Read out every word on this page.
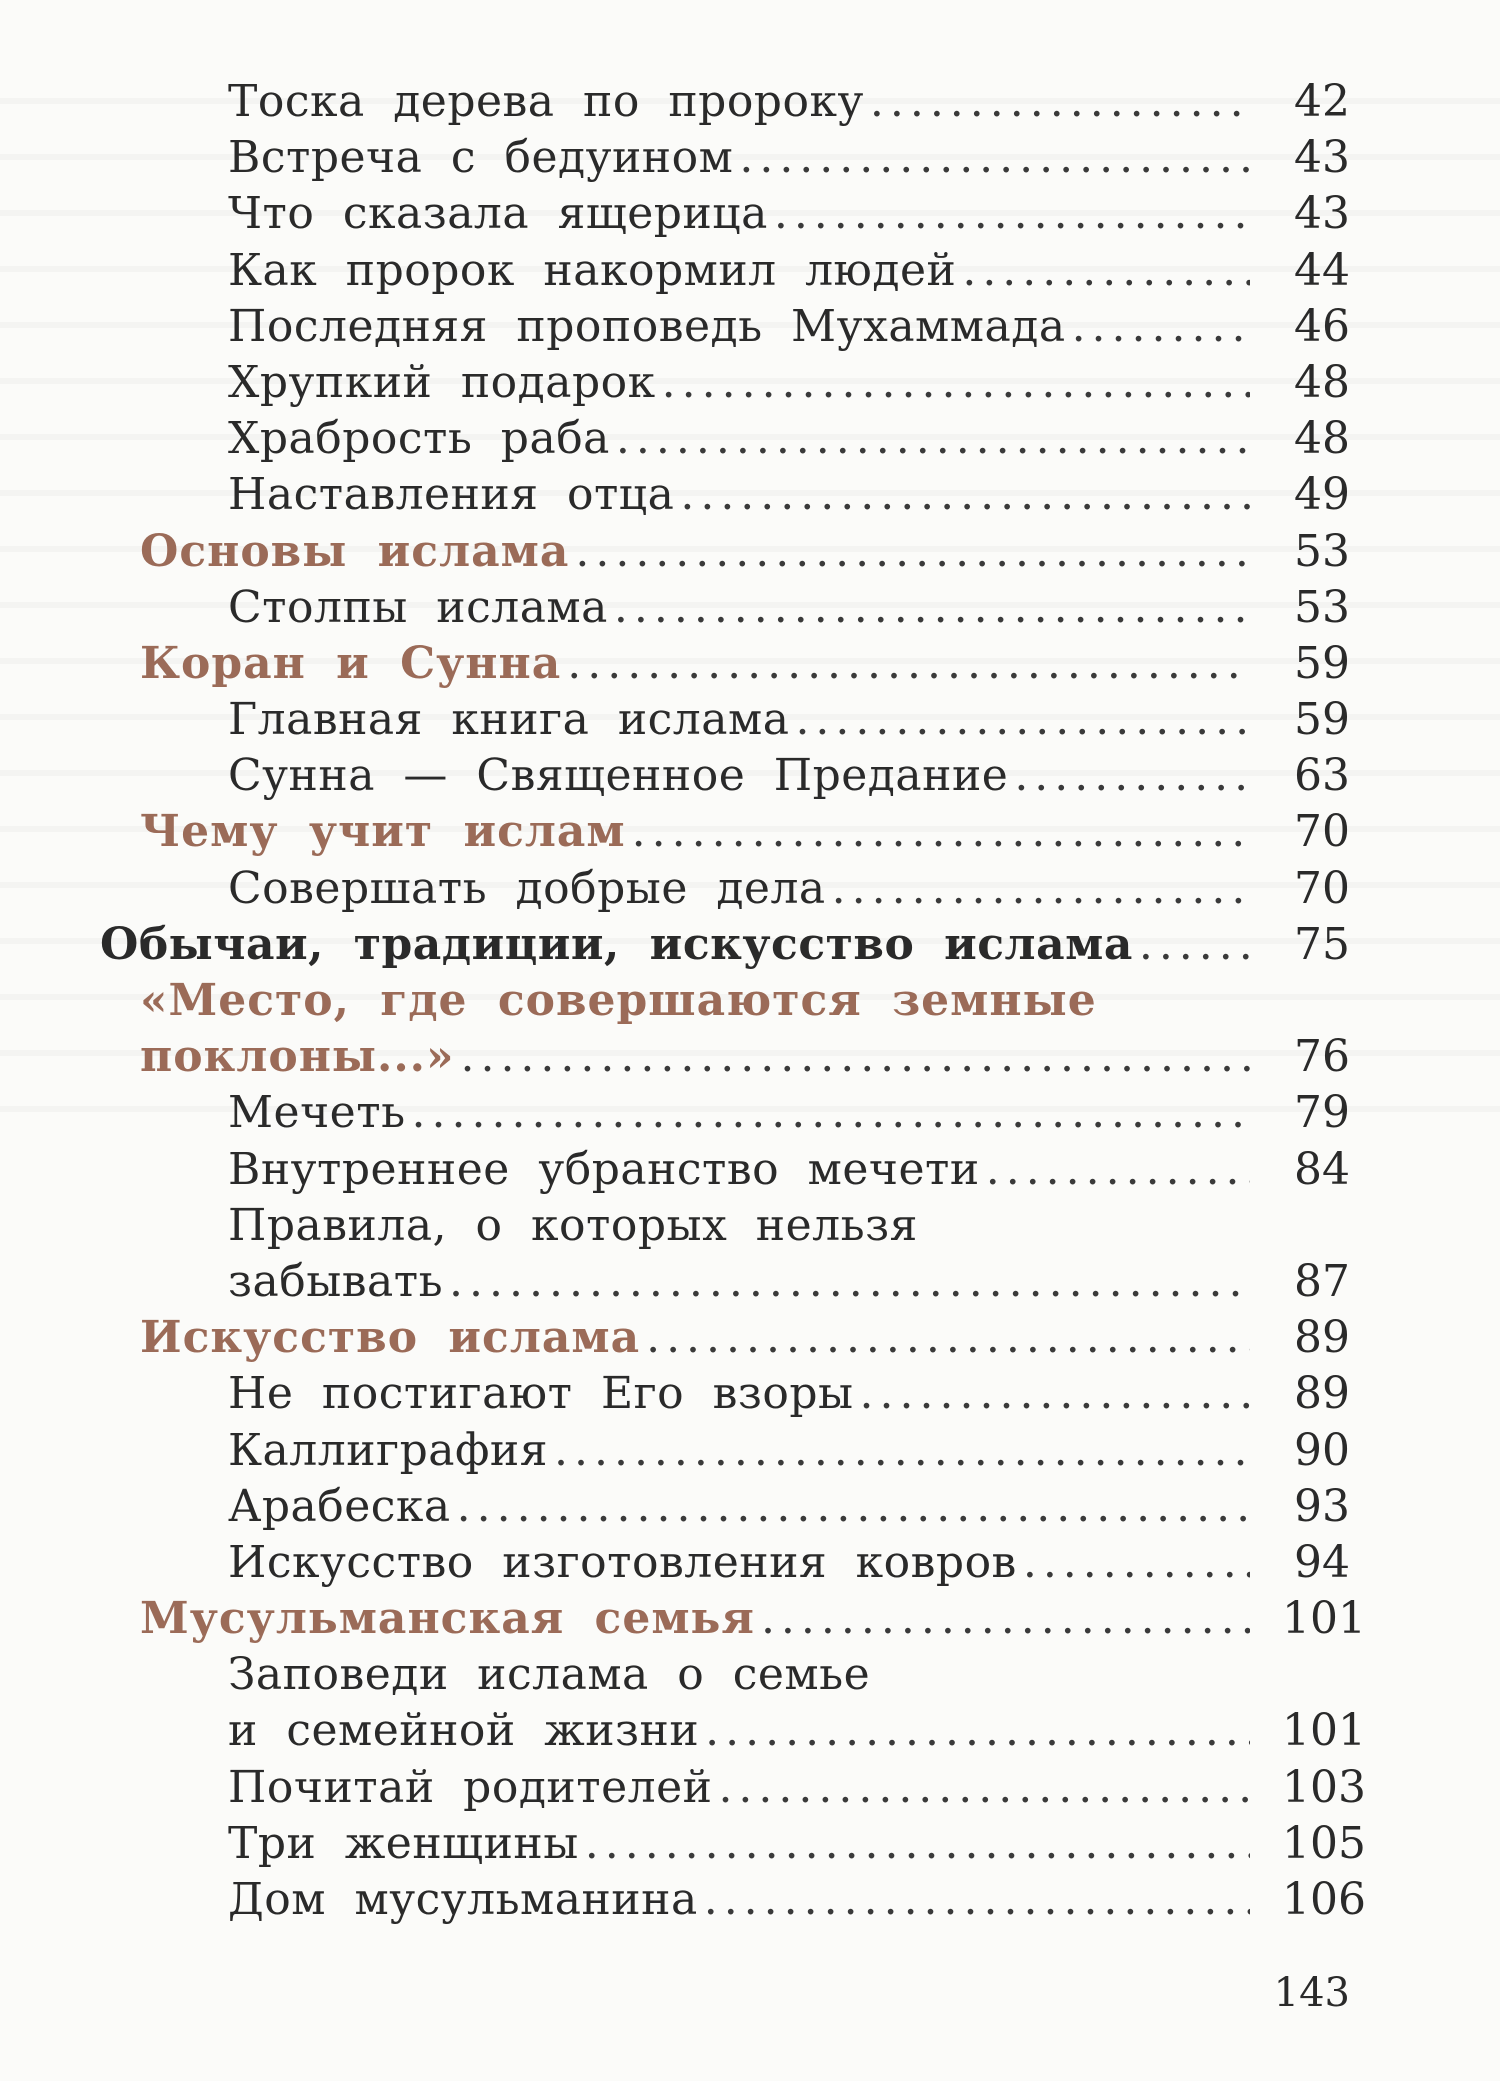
Тоска дерева по пророку .....	42
Встреча с бедуином .....	43
Что сказала ящерица .....	43
Как пророк накормил людей .....	44
Последняя проповедь Мухаммада .....	46
Хрупкий подарок .....	48
Храбрость раба .....	48
Наставления отца .....	49
Основы ислама .....	53
Столпы ислама .....	53
Коран и Сунна .....	59
Главная книга ислама .....	59
Сунна — Священное Предание .....	63
Чему учит ислам .....	70
Совершать добрые дела .....	70
Обычаи, традиции, искусство ислама .....	75
«Место, где совершаются земные
поклоны...» .....	76
Мечеть .....	79
Внутреннее убранство мечети .....	84
Правила, о которых нельзя
забывать .....	87
Искусство ислама .....	89
Не постигают Его взоры .....	89
Каллиграфия .....	90
Арабеска .....	93
Искусство изготовления ковров .....	94
Мусульманская семья .....	101
Заповеди ислама о семье
и семейной жизни .....	101
Почитай родителей .....	103
Три женщины .....	105
Дом мусульманина .....	106
143
